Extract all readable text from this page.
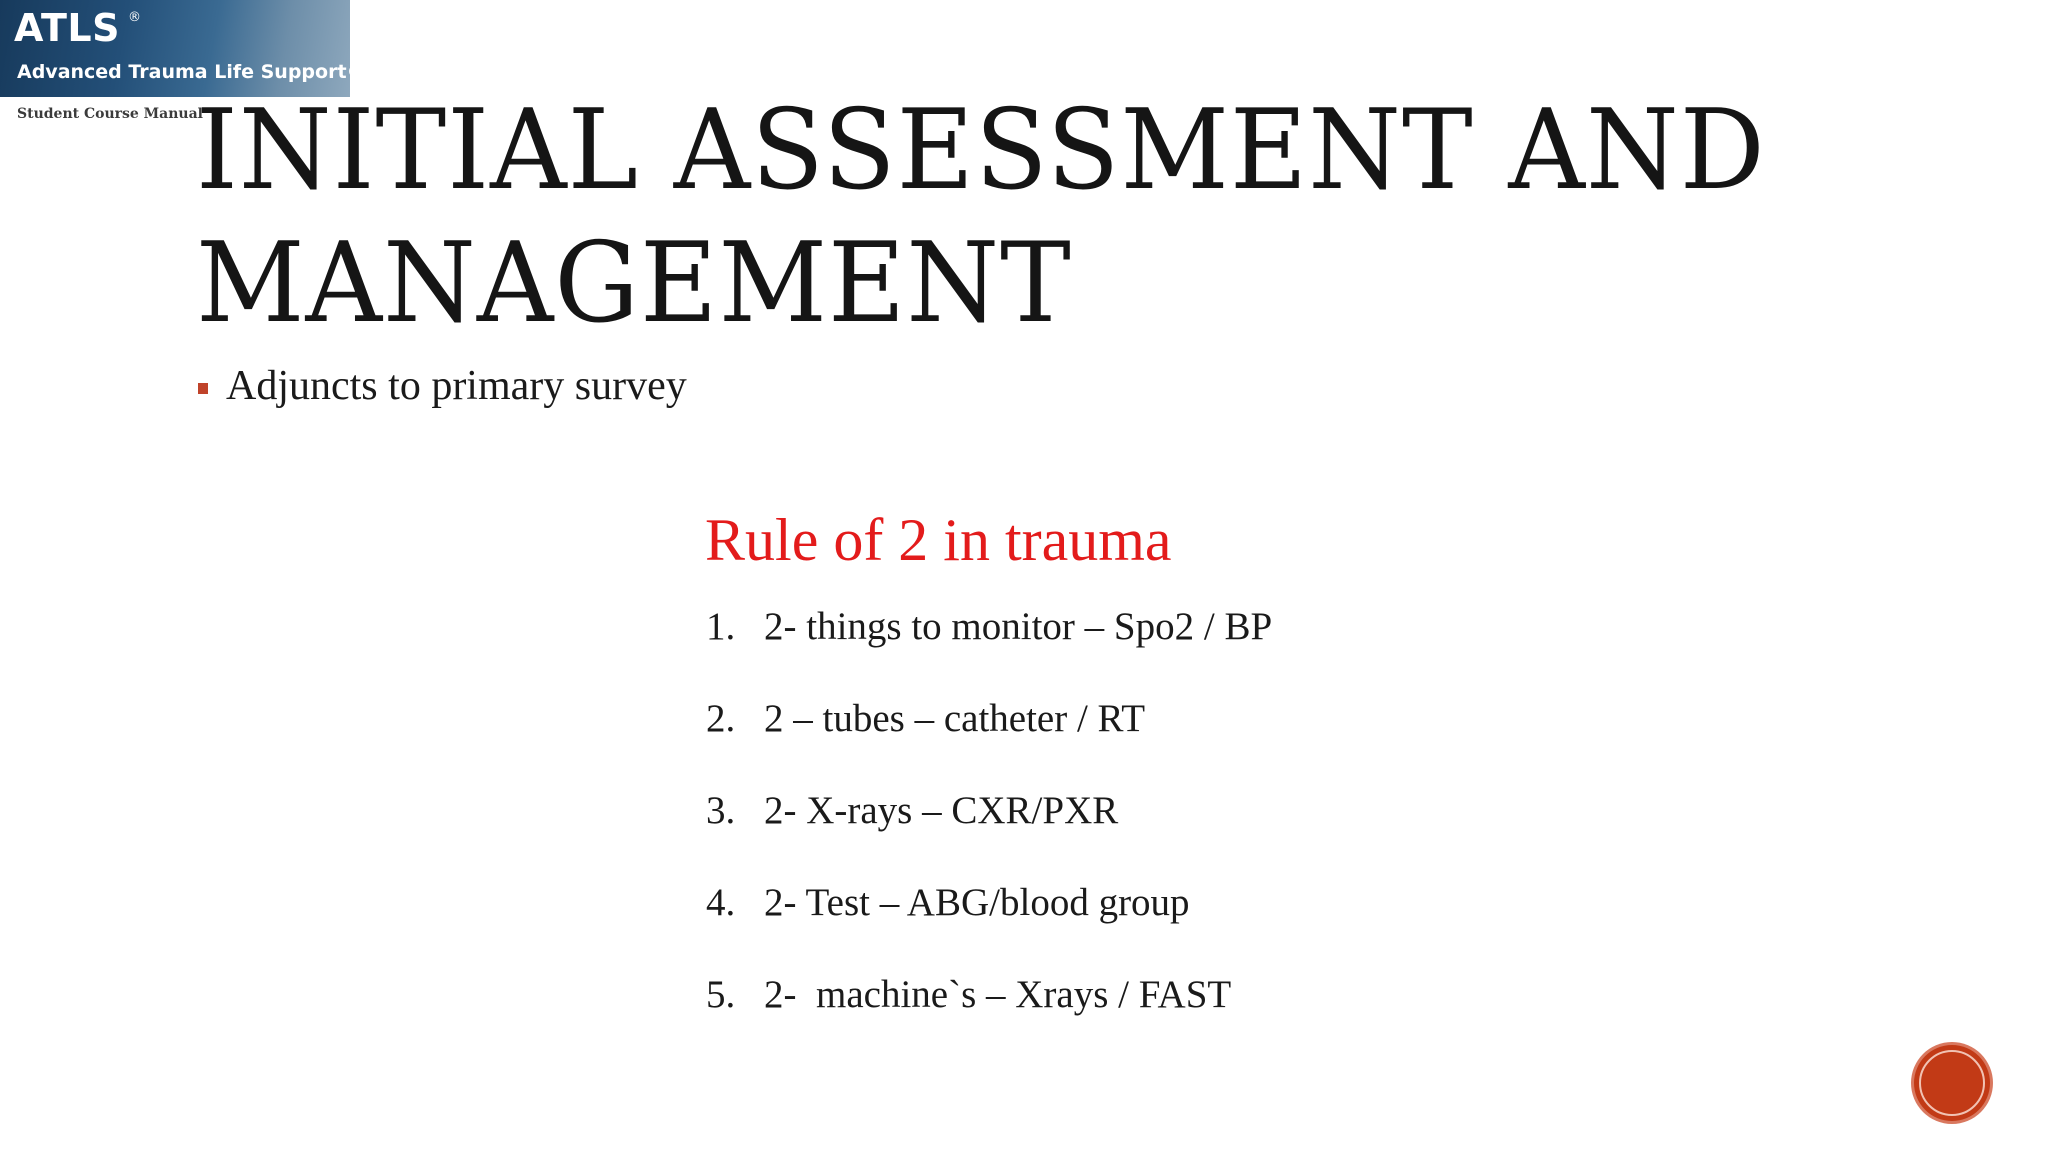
ATLS ®
Advanced Trauma Life Support®
Student Course Manual
INITIAL ASSESSMENT AND MANAGEMENT
Adjuncts to primary survey
Rule of 2 in trauma
1. 2- things to monitor – Spo2 / BP
2. 2 – tubes – catheter / RT
3. 2- X-rays – CXR/PXR
4. 2- Test – ABG/blood group
5. 2-  machine`s – Xrays / FAST
